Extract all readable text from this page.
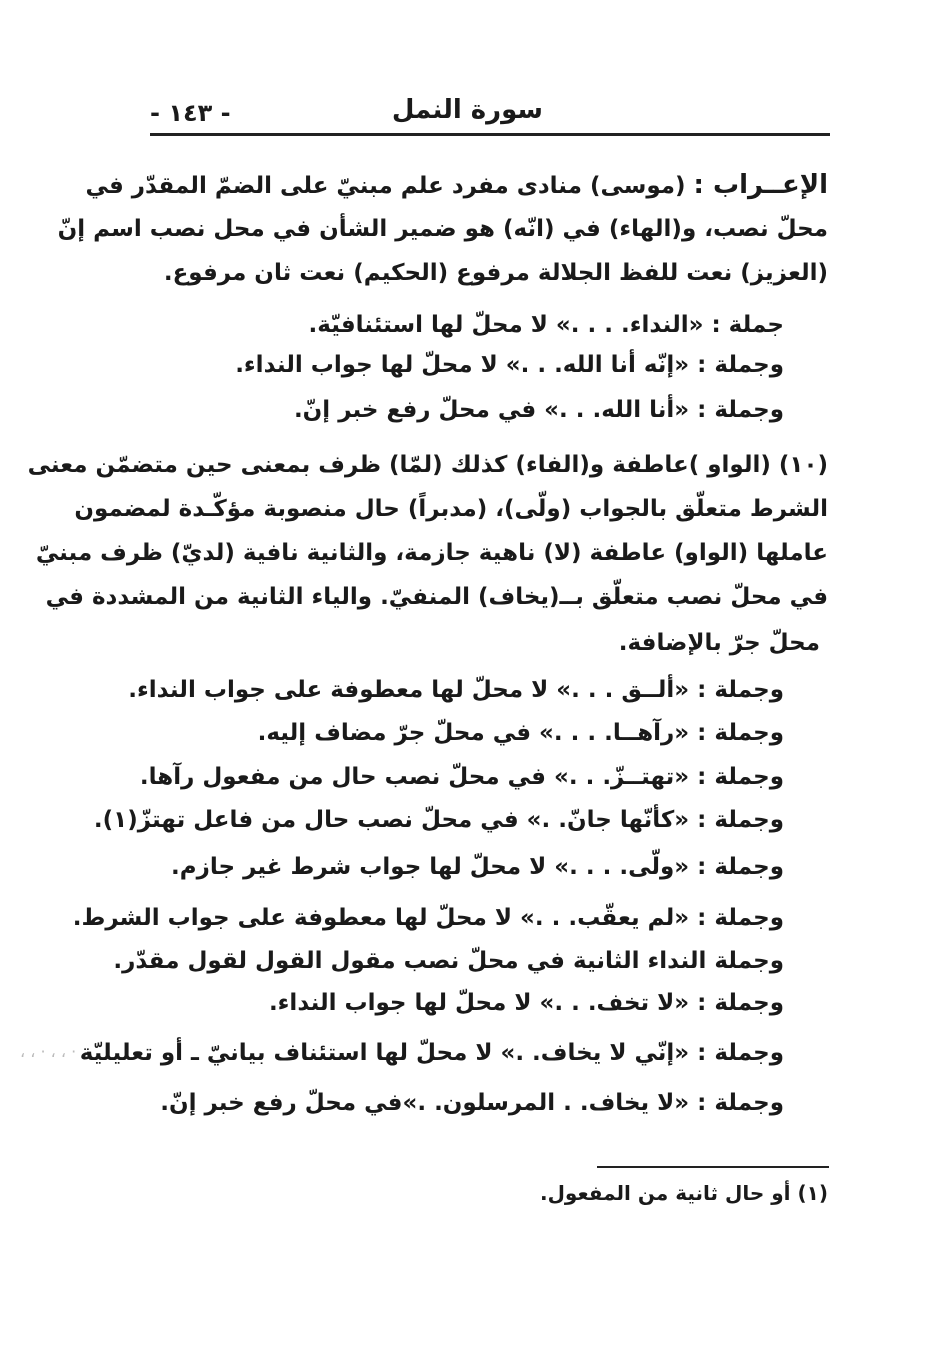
سورة النمل
- ١٤٣ -
الإعــراب : (موسى) منادى مفرد علم مبنيّ على الضمّ المقدّر في
محلّ نصب، و(الهاء) في (انّه) هو ضمير الشأن في محل نصب اسم إنّ
(العزيز) نعت للفظ الجلالة مرفوع (الحكيم) نعت ثان مرفوع.
جملة : «النداء. . . .» لا محلّ لها استئنافيّة.
وجملة : «إنّه أنا الله. . .» لا محلّ لها جواب النداء.
وجملة : «أنا الله. . .» في محلّ رفع خبر إنّ.
(١٠) (الواو )عاطفة و(الفاء) كذلك (لمّا) ظرف بمعنى حين متضمّن معنى
الشرط متعلّق بالجواب (ولّى)، (مدبراً) حال منصوبة مؤكّـدة لمضمون
عاملها (الواو) عاطفة (لا) ناهية جازمة، والثانية نافية (لديّ) ظرف مبنيّ
في محلّ نصب متعلّق بــ(يخاف) المنفيّ. والياء الثانية من المشددة في
محلّ جرّ بالإضافة.
وجملة : «ألــق . . .» لا محلّ لها معطوفة على جواب النداء.
وجملة : «رآهــا. . . .» في محلّ جرّ مضاف إليه.
وجملة : «تهتــزّ. . .» في محلّ نصب حال من مفعول رآها.
وجملة : «كأنّها جانّ. .» في محلّ نصب حال من فاعل تهتزّ(١).
وجملة : «ولّى. . . .» لا محلّ لها جواب شرط غير جازم.
وجملة : «لم يعقّب. . .» لا محلّ لها معطوفة على جواب الشرط.
وجملة النداء الثانية في محلّ نصب مقول القول لقول مقدّر.
وجملة : «لا تخف. . .» لا محلّ لها جواب النداء.
وجملة : «إنّي لا يخاف. .» لا محلّ لها استئناف بيانيّ ـ أو تعليليّة
وجملة : «لا يخاف. . المرسلون. .»في محلّ رفع خبر إنّ.
، ، · ، ، ·
(١) أو حال ثانية من المفعول.
